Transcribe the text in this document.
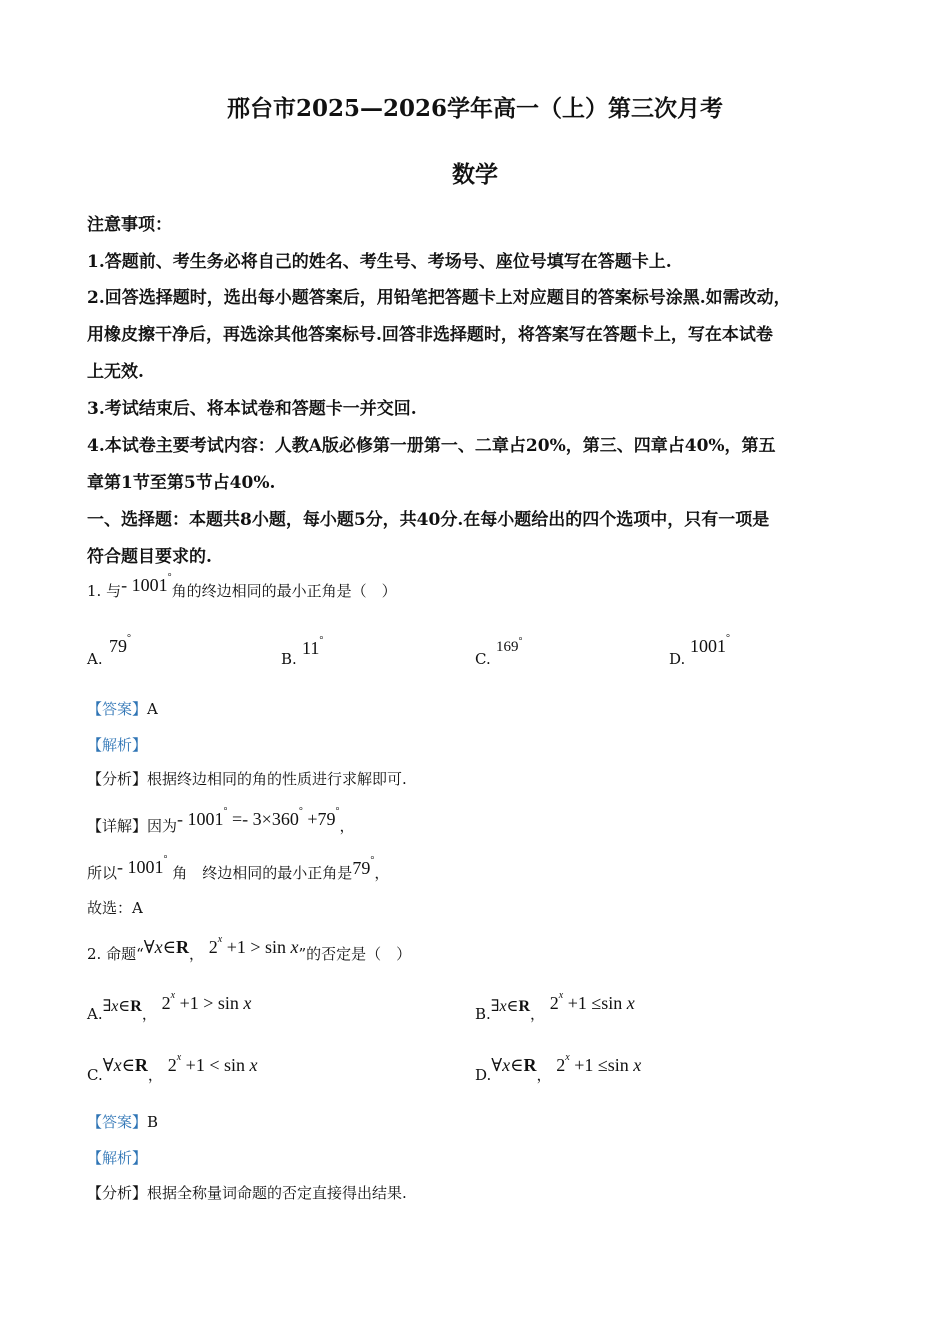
邢台市2025—2026学年高一（上）第三次月考
数学
注意事项：
1.答题前、考生务必将自己的姓名、考生号、考场号、座位号填写在答题卡上.
2.回答选择题时，选出每小题答案后，用铅笔把答题卡上对应题目的答案标号涂黑.如需改动，
用橡皮擦干净后，再选涂其他答案标号.回答非选择题时，将答案写在答题卡上，写在本试卷
上无效.
3.考试结束后、将本试卷和答题卡一并交回.
4.本试卷主要考试内容：人教A版必修第一册第一、二章占20%，第三、四章占40%，第五
章第1节至第5节占40%.
一、选择题：本题共8小题，每小题5分，共40分.在每小题给出的四个选项中，只有一项是
符合题目要求的.
1. 与- 1001°角的终边相同的最小正角是（　）
A.
79°
B.
11°
C.
169°
D.
1001°
【答案】A
【解析】
【分析】根据终边相同的角的性质进行求解即可.
【详解】因为- 1001° =- 3×360° +79°，
所以- 1001° 角　终边相同的最小正角是79°，
故选：A
2. 命题“∀x∈R， $2^x +1 > \sin x$”的否定是（　）
A.∃x∈R， $2^x +1 > \sin x$
B.∃x∈R， $2^x +1 \le\sin$ x
C.∀x∈R， $2^x +1 < \sin x$	D.∀x∈R， $2^x +1 \le\sin$ x
【答案】B
【解析】
【分析】根据全称量词命题的否定直接得出结果.
